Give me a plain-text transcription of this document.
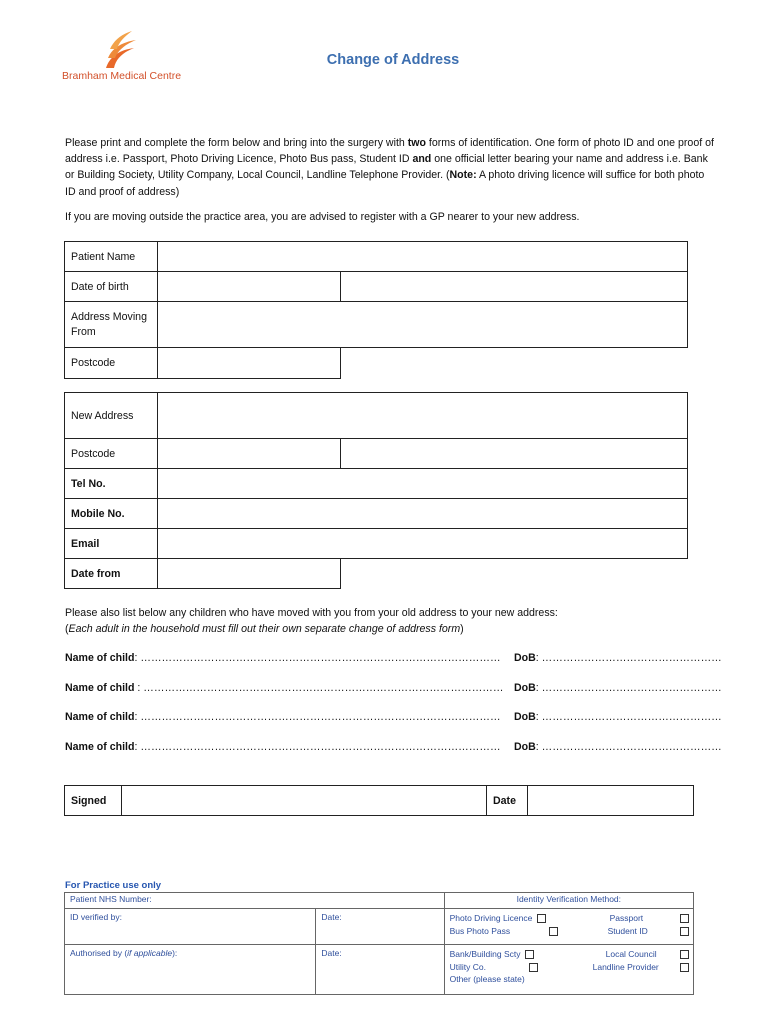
Bramham Medical Centre
Change of Address
Please print and complete the form below and bring into the surgery with two forms of identification. One form of photo ID and one proof of address i.e. Passport, Photo Driving Licence, Photo Bus pass, Student ID and one official letter bearing your name and address i.e. Bank or Building Society, Utility Company, Local Council, Landline Telephone Provider. (Note: A photo driving licence will suffice for both photo ID and proof of address)
If you are moving outside the practice area, you are advised to register with a GP nearer to your new address.
Patient Name		
Date of birth		
Address Moving From		
Postcode		
New Address		
Postcode		
Tel No.		
Mobile No.		
Email		
Date from		
Please also list below any children who have moved with you from your old address to your new address:
(Each adult in the household must fill out their own separate change of address form)
Name of child: ………………………………………………………………………………………… DoB: ……………………………………………
Name of child : ………………………………………………………………………………………… DoB: ……………………………………………
Name of child: ………………………………………………………………………………………… DoB: ……………………………………………
Name of child: ………………………………………………………………………………………… DoB: ……………………………………………
Signed		Date	
For Practice use only
Patient NHS Number:		Identity Verification Method:
ID verified by:	Date:	Photo Driving Licence Passport
Bus Photo Pass Student ID

Authorised by (if applicable):	Date:	Bank/Building Scty Local Council
Utility Co. Landline Provider
Other (please state)
